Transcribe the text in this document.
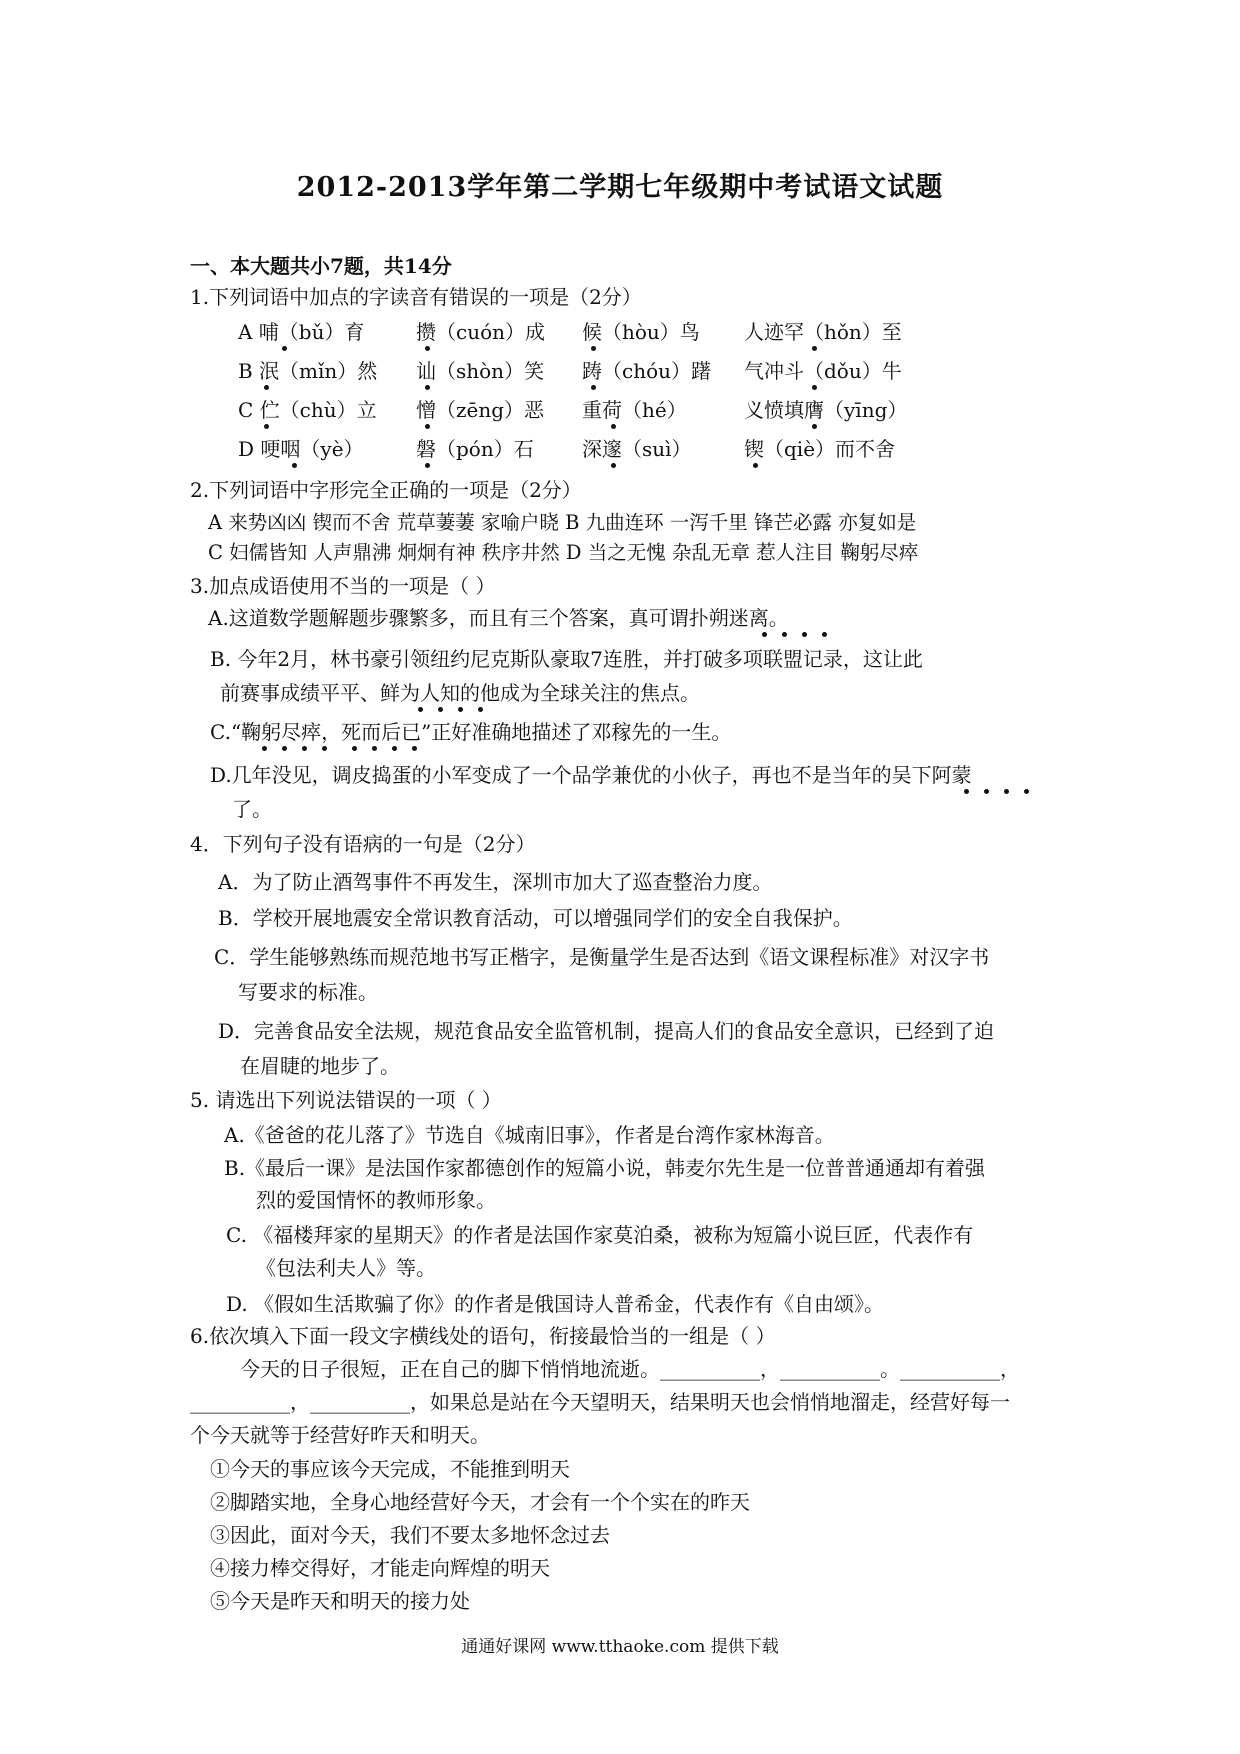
2012-2013学年第二学期七年级期中考试语文试题
一、本大题共小7题，共14分
1.下列词语中加点的字读音有错误的一项是（2分）
A 哺（bǔ）育	攒（cuón）成 候（hòu）鸟 人迹罕（hǒn）至
B 泯（mǐn）然 讪（shòn）笑 踌（chóu）躇 气冲斗（dǒu）牛
C 伫（chù）立 憎（zēng）恶 重荷（hé）	义愤填膺（yīng）
D 哽咽（yè）	磐（pón）石 深邃（suì）	锲（qiè）而不舍
2.下列词语中字形完全正确的一项是（2分）
A 来势凶凶 锲而不舍 荒草萋萋 家喻户晓 B 九曲连环 一泻千里 锋芒必露 亦复如是
C 妇儒皆知 人声鼎沸 炯炯有神 秩序井然 D 当之无愧 杂乱无章 惹人注目 鞠躬尽瘁
3.加点成语使用不当的一项是（ ）
A.这道数学题解题步骤繁多，而且有三个答案，真可谓扑朔迷离。
B. 今年2月，林书豪引领纽约尼克斯队豪取7连胜，并打破多项联盟记录，这让此
前赛事成绩平平、鲜为人知的他成为全球关注的焦点。
C.“鞠躬尽瘁，死而后已”正好准确地描述了邓稼先的一生。
D.几年没见，调皮捣蛋的小军变成了一个品学兼优的小伙子，再也不是当年的吴下阿蒙
了。
4．下列句子没有语病的一句是（2分）
A．为了防止酒驾事件不再发生，深圳市加大了巡查整治力度。
B．学校开展地震安全常识教育活动，可以增强同学们的安全自我保护。
C．学生能够熟练而规范地书写正楷字，是衡量学生是否达到《语文课程标准》对汉字书
写要求的标准。
D．完善食品安全法规，规范食品安全监管机制，提高人们的食品安全意识，已经到了迫
在眉睫的地步了。
5. 请选出下列说法错误的一项（ ）
A.《爸爸的花儿落了》节选自《城南旧事》，作者是台湾作家林海音。
B.《最后一课》是法国作家都德创作的短篇小说，韩麦尔先生是一位普普通通却有着强
烈的爱国情怀的教师形象。
C. 《福楼拜家的星期天》的作者是法国作家莫泊桑，被称为短篇小说巨匠，代表作有
《包法利夫人》等。
D. 《假如生活欺骗了你》的作者是俄国诗人普希金，代表作有《自由颂》。
6.依次填入下面一段文字横线处的语句，衔接最恰当的一组是（ ）
今天的日子很短，正在自己的脚下悄悄地流逝。__________，__________。__________，
__________，__________，如果总是站在今天望明天，结果明天也会悄悄地溜走，经营好每一
个今天就等于经营好昨天和明天。
①今天的事应该今天完成，不能推到明天
②脚踏实地，全身心地经营好今天，才会有一个个实在的昨天
③因此，面对今天，我们不要太多地怀念过去
④接力棒交得好，才能走向辉煌的明天
⑤今天是昨天和明天的接力处
通通好课网 www.tthaoke.com 提供下载
